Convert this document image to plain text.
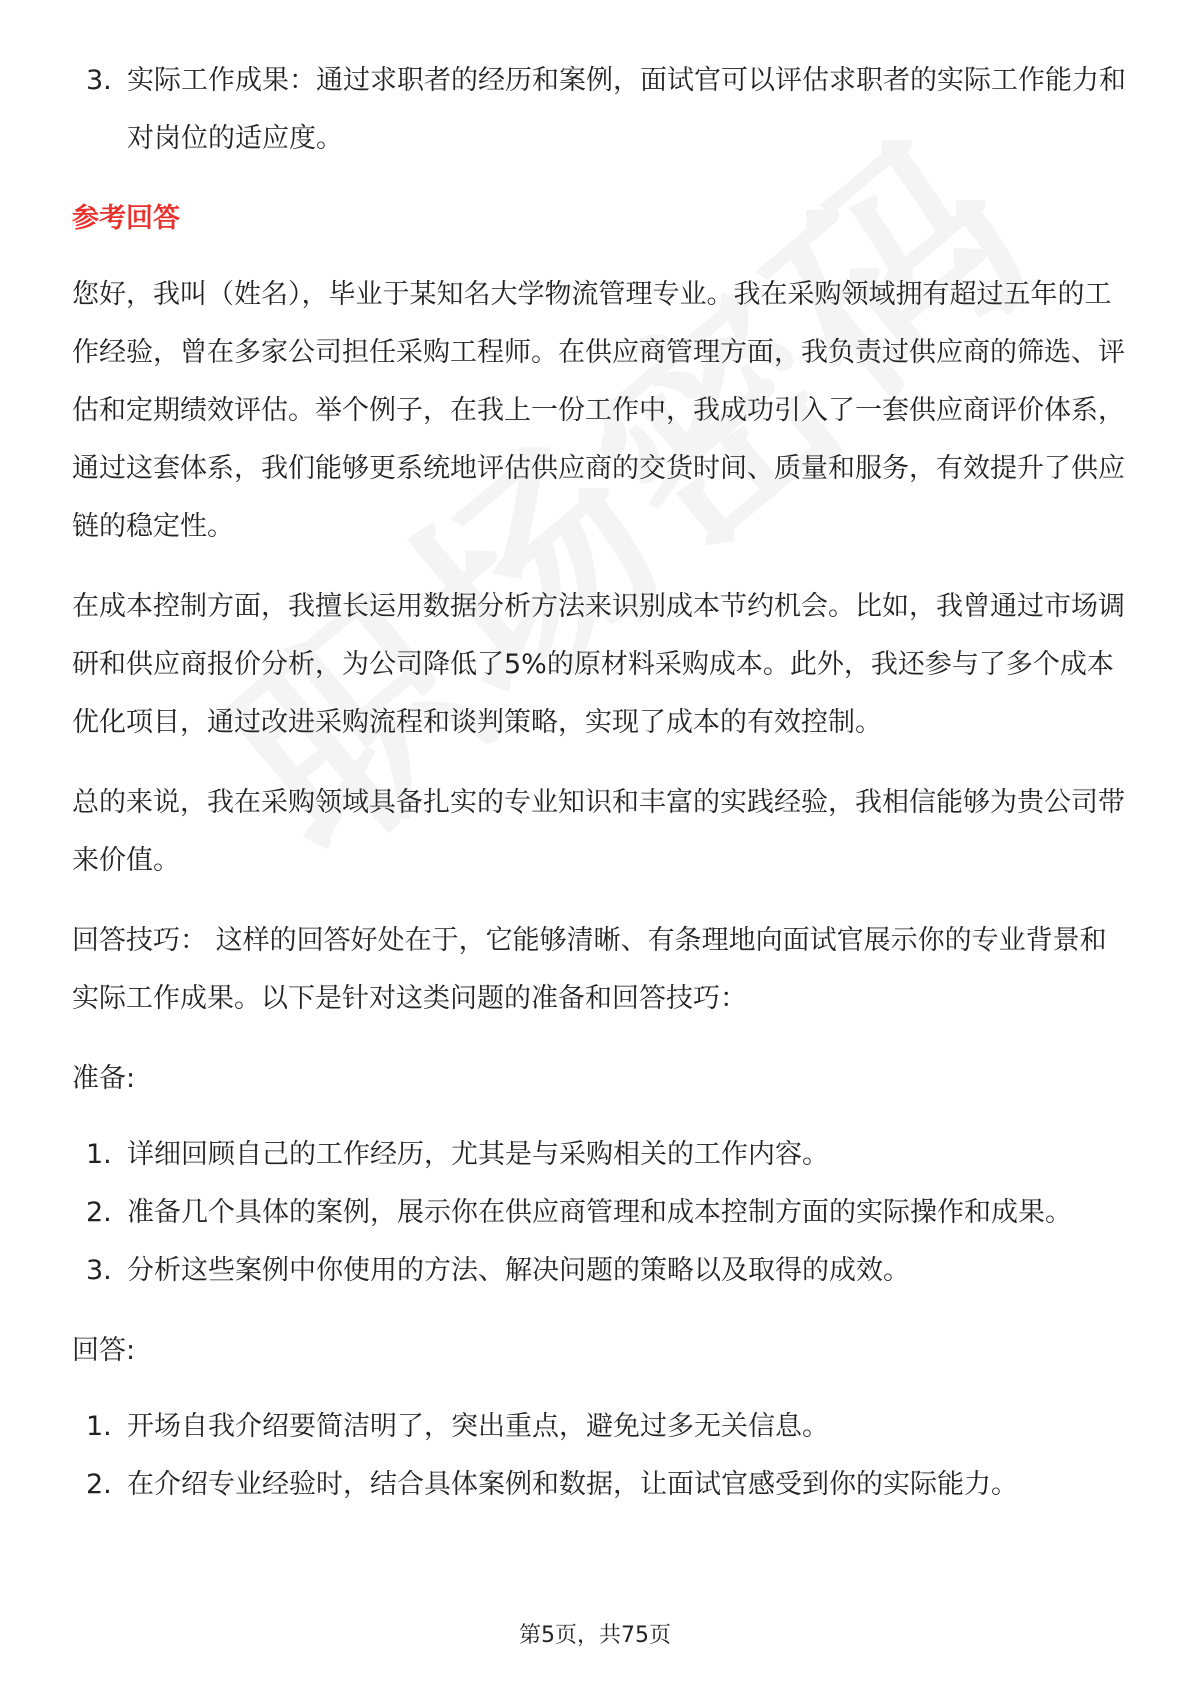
3. 实际工作成果：通过求职者的经历和案例，面试官可以评估求职者的实际工作能力和对岗位的适应度。
参考回答

您好，我叫（姓名），毕业于某知名大学物流管理专业。我在采购领域拥有超过五年的工作经验，曾在多家公司担任采购工程师。在供应商管理方面，我负责过供应商的筛选、评估和定期绩效评估。举个例子，在我上一份工作中，我成功引入了一套供应商评价体系，通过这套体系，我们能够更系统地评估供应商的交货时间、质量和服务，有效提升了供应链的稳定性。

在成本控制方面，我擅长运用数据分析方法来识别成本节约机会。比如，我曾通过市场调研和供应商报价分析，为公司降低了5%的原材料采购成本。此外，我还参与了多个成本优化项目，通过改进采购流程和谈判策略，实现了成本的有效控制。

总的来说，我在采购领域具备扎实的专业知识和丰富的实践经验，我相信能够为贵公司带来价值。

回答技巧： 这样的回答好处在于，它能够清晰、有条理地向面试官展示你的专业背景和实际工作成果。以下是针对这类问题的准备和回答技巧：

准备:
1. 详细回顾自己的工作经历，尤其是与采购相关的工作内容。
2. 准备几个具体的案例，展示你在供应商管理和成本控制方面的实际操作和成果。
3. 分析这些案例中你使用的方法、解决问题的策略以及取得的成效。
回答:
1. 开场自我介绍要简洁明了，突出重点，避免过多无关信息。
2. 在介绍专业经验时，结合具体案例和数据，让面试官感受到你的实际能力。
第5页，共75页
